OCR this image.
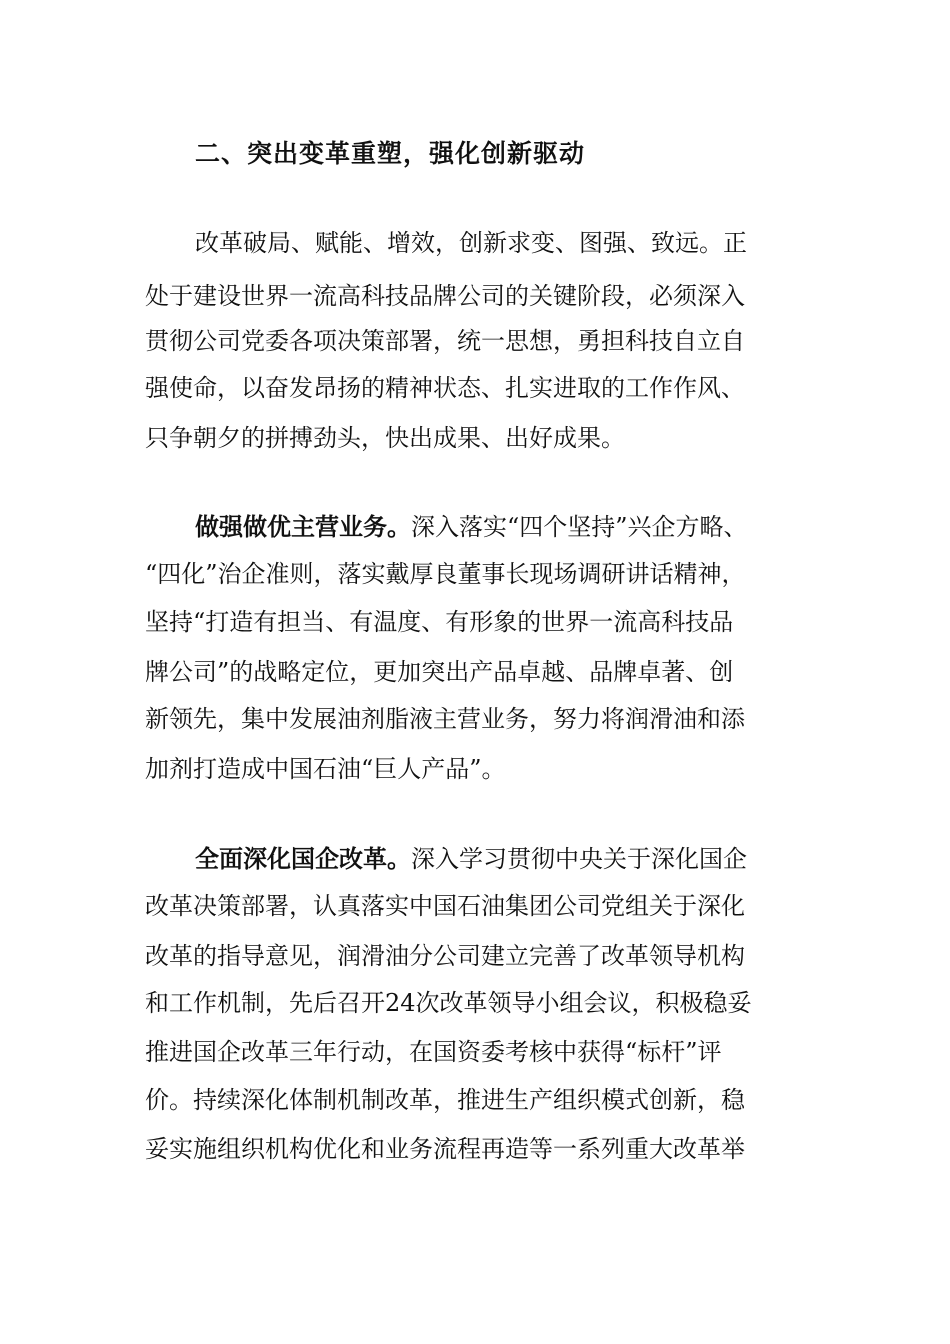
二、突出变革重塑，强化创新驱动
改革破局、赋能、增效，创新求变、图强、致远。正
处于建设世界一流高科技品牌公司的关键阶段，必须深入
贯彻公司党委各项决策部署，统一思想，勇担科技自立自
强使命，以奋发昂扬的精神状态、扎实进取的工作作风、
只争朝夕的拼搏劲头，快出成果、出好成果。
做强做优主营业务。深入落实“四个坚持”兴企方略、
“四化”治企准则，落实戴厚良董事长现场调研讲话精神，
坚持“打造有担当、有温度、有形象的世界一流高科技品
牌公司”的战略定位，更加突出产品卓越、品牌卓著、创
新领先，集中发展油剂脂液主营业务，努力将润滑油和添
加剂打造成中国石油“巨人产品”。
全面深化国企改革。深入学习贯彻中央关于深化国企
改革决策部署，认真落实中国石油集团公司党组关于深化
改革的指导意见，润滑油分公司建立完善了改革领导机构
和工作机制，先后召开24次改革领导小组会议，积极稳妥
推进国企改革三年行动，在国资委考核中获得“标杆”评
价。持续深化体制机制改革，推进生产组织模式创新，稳
妥实施组织机构优化和业务流程再造等一系列重大改革举
